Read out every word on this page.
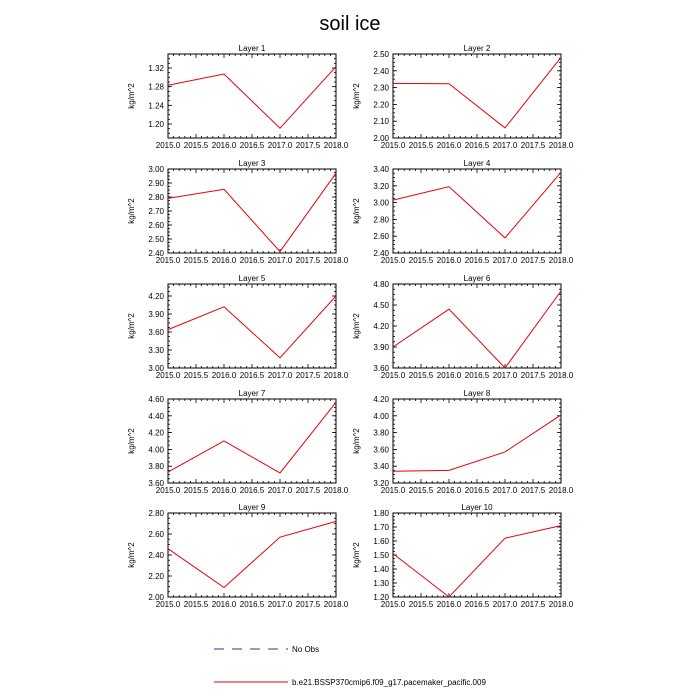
soil ice
Layer 1
kg/m^2
2015.0 2015.5 2016.0 2016.5 2017.0 2017.5 2018.0
1.20
1.24
1.28
1.32
Layer 2
kg/m^2
2015.0 2015.5 2016.0 2016.5 2017.0 2017.5 2018.0
2.00
2.10
2.20
2.30
2.40
2.50
Layer 3
kg/m^2
2015.0 2015.5 2016.0 2016.5 2017.0 2017.5 2018.0
2.40
2.50
2.60
2.70
2.80
2.90
3.00
Layer 4
kg/m^2
2015.0 2015.5 2016.0 2016.5 2017.0 2017.5 2018.0
2.40
2.60
2.80
3.00
3.20
3.40
Layer 5
kg/m^2
2015.0 2015.5 2016.0 2016.5 2017.0 2017.5 2018.0
3.00
3.30
3.60
3.90
4.20
Layer 6
kg/m^2
2015.0 2015.5 2016.0 2016.5 2017.0 2017.5 2018.0
3.60
3.90
4.20
4.50
4.80
Layer 7
kg/m^2
2015.0 2015.5 2016.0 2016.5 2017.0 2017.5 2018.0
3.60
3.80
4.00
4.20
4.40
4.60
Layer 8
kg/m^2
2015.0 2015.5 2016.0 2016.5 2017.0 2017.5 2018.0
3.20
3.40
3.60
3.80
4.00
4.20
Layer 9
kg/m^2
2015.0 2015.5 2016.0 2016.5 2017.0 2017.5 2018.0
2.00
2.20
2.40
2.60
2.80
Layer 10
kg/m^2
2015.0 2015.5 2016.0 2016.5 2017.0 2017.5 2018.0
1.20
1.30
1.40
1.50
1.60
1.70
1.80
No Obs
b.e21.BSSP370cmip6.f09_g17.pacemaker_pacific.009
